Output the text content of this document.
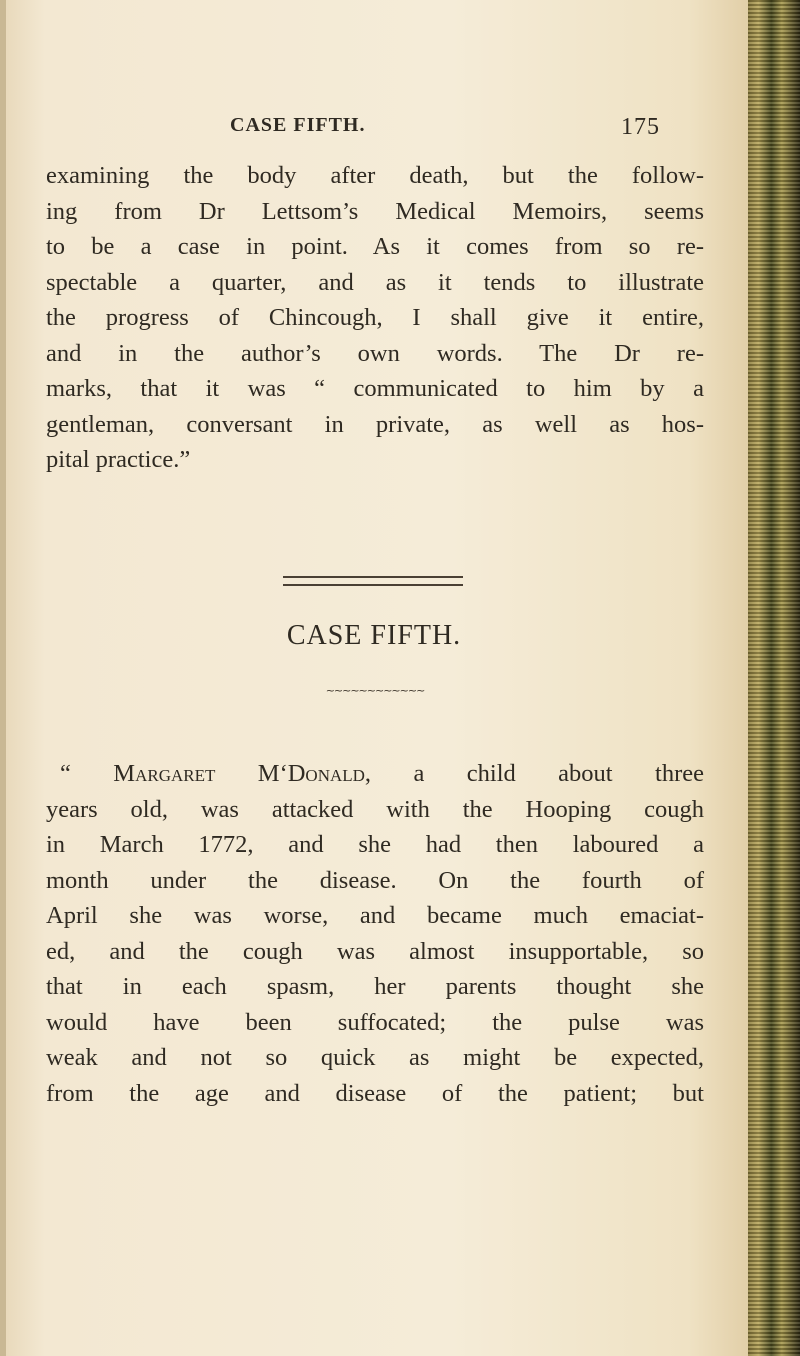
CASE FIFTH.	175
examining the body after death, but the follow-
ing from Dr Lettsom’s Medical Memoirs, seems
to be a case in point. As it comes from so re-
spectable a quarter, and as it tends to illustrate
the progress of Chincough, I shall give it entire,
and in the author’s own words. The Dr re-
marks, that it was “ communicated to him by a
gentleman, conversant in private, as well as hos-
pital practice.”
CASE FIFTH.
~~~~~~~~~~~~
“ Margaret M‘Donald, a child about three
years old, was attacked with the Hooping cough
in March 1772, and she had then laboured a
month under the disease. On the fourth of
April she was worse, and became much emaciat-
ed, and the cough was almost insupportable, so
that in each spasm, her parents thought she
would have been suffocated; the pulse was
weak and not so quick as might be expected,
from the age and disease of the patient; but
